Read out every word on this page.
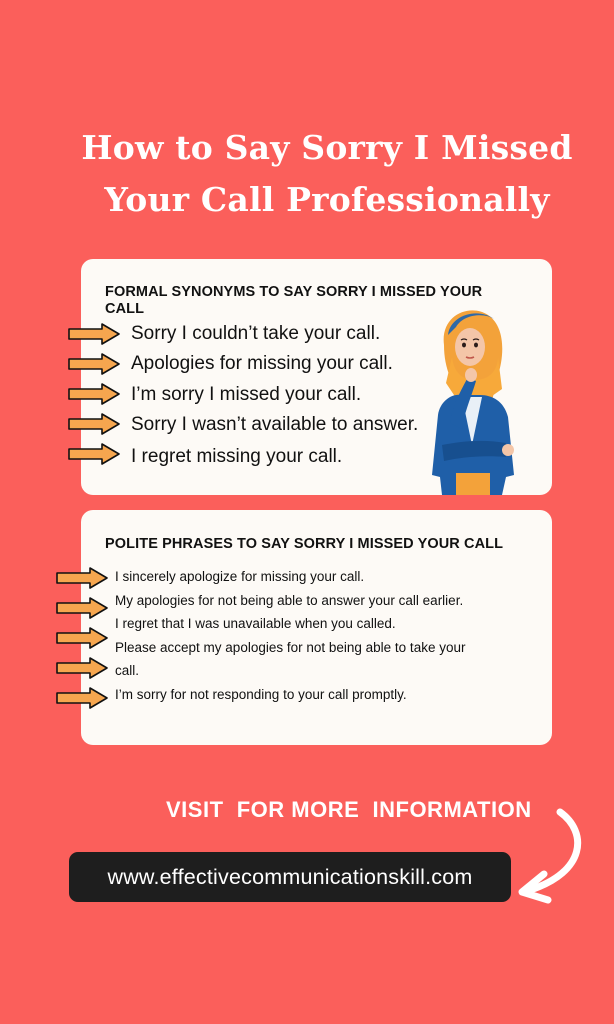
How to Say Sorry I Missed
Your Call Professionally
FORMAL SYNONYMS TO SAY SORRY I MISSED YOUR CALL
Sorry I couldn’t take your call.
Apologies for missing your call.
I’m sorry I missed your call.
Sorry I wasn’t available to answer.
I regret missing your call.
POLITE PHRASES TO SAY SORRY I MISSED YOUR CALL
I sincerely apologize for missing your call.
My apologies for not being able to answer your call earlier.
I regret that I was unavailable when you called.
Please accept my apologies for not being able to take your
call.
I’m sorry for not responding to your call promptly.
VISIT  FOR MORE  INFORMATION
www.effectivecommunicationskill.com
